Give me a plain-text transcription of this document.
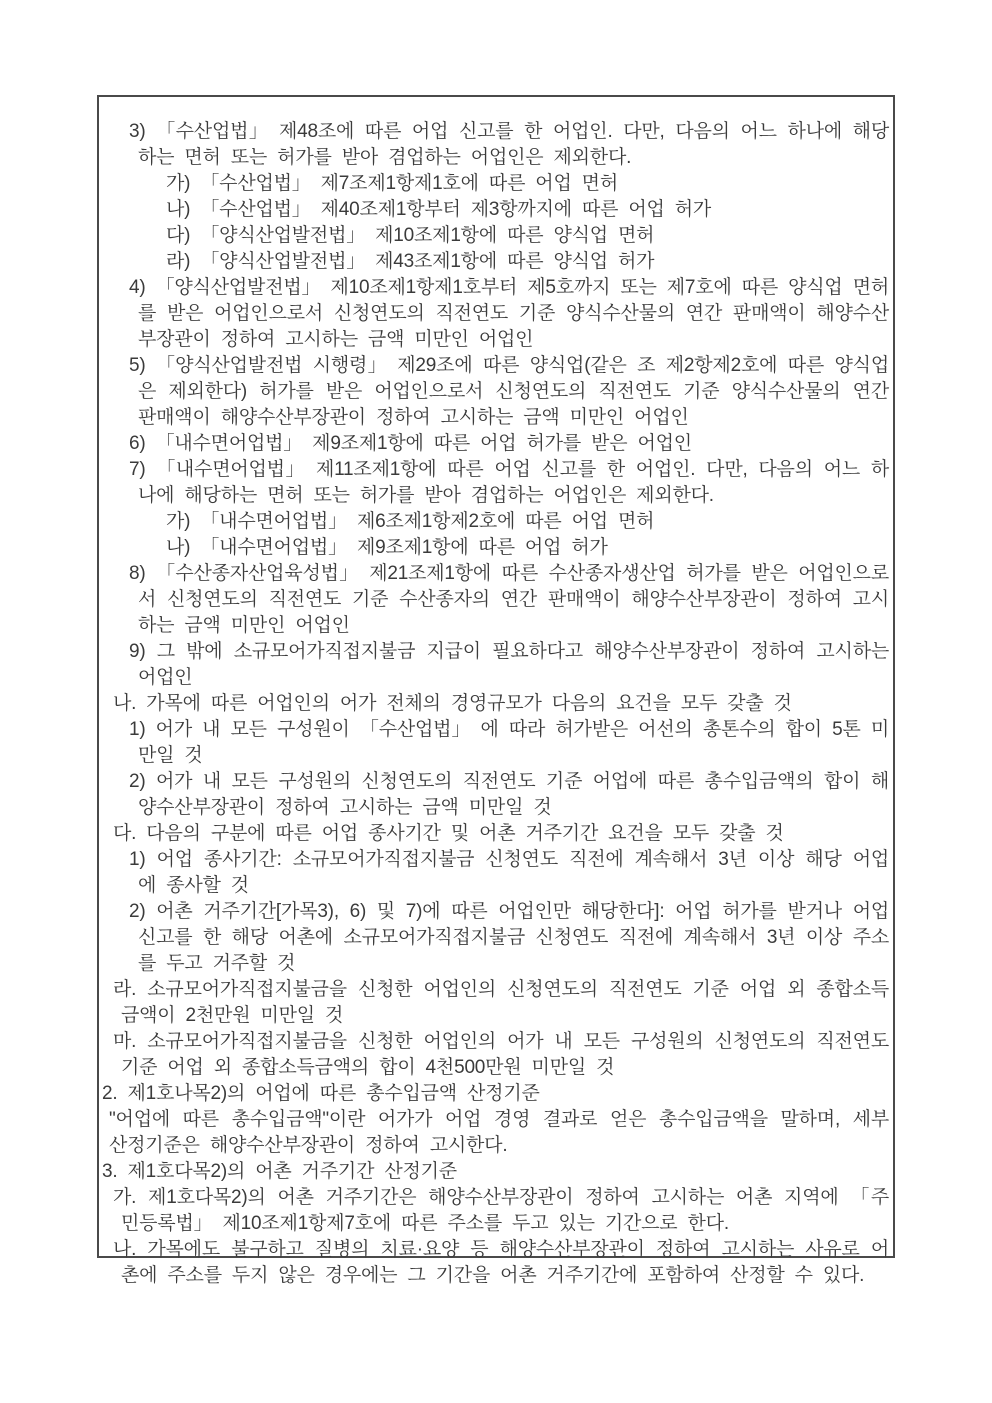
3) 「수산업법」 제48조에 따른 어업 신고를 한 어업인. 다만, 다음의 어느 하나에 해당하는 면허 또는 허가를 받아 겸업하는 어업인은 제외한다.

가) 「수산업법」 제7조제1항제1호에 따른 어업 면허

나) 「수산업법」 제40조제1항부터 제3항까지에 따른 어업 허가

다) 「양식산업발전법」 제10조제1항에 따른 양식업 면허

라) 「양식산업발전법」 제43조제1항에 따른 양식업 허가

4) 「양식산업발전법」 제10조제1항제1호부터 제5호까지 또는 제7호에 따른 양식업 면허를 받은 어업인으로서 신청연도의 직전연도 기준 양식수산물의 연간 판매액이 해양수산부장관이 정하여 고시하는 금액 미만인 어업인

5) 「양식산업발전법 시행령」 제29조에 따른 양식업(같은 조 제2항제2호에 따른 양식업은 제외한다) 허가를 받은 어업인으로서 신청연도의 직전연도 기준 양식수산물의 연간 판매액이 해양수산부장관이 정하여 고시하는 금액 미만인 어업인

6) 「내수면어업법」 제9조제1항에 따른 어업 허가를 받은 어업인

7) 「내수면어업법」 제11조제1항에 따른 어업 신고를 한 어업인. 다만, 다음의 어느 하나에 해당하는 면허 또는 허가를 받아 겸업하는 어업인은 제외한다.

가) 「내수면어업법」 제6조제1항제2호에 따른 어업 면허

나) 「내수면어업법」 제9조제1항에 따른 어업 허가

8) 「수산종자산업육성법」 제21조제1항에 따른 수산종자생산업 허가를 받은 어업인으로서 신청연도의 직전연도 기준 수산종자의 연간 판매액이 해양수산부장관이 정하여 고시하는 금액 미만인 어업인

9) 그 밖에 소규모어가직접지불금 지급이 필요하다고 해양수산부장관이 정하여 고시하는 어업인

나. 가목에 따른 어업인의 어가 전체의 경영규모가 다음의 요건을 모두 갖출 것

1) 어가 내 모든 구성원이 「수산업법」 에 따라 허가받은 어선의 총톤수의 합이 5톤 미만일 것

2) 어가 내 모든 구성원의 신청연도의 직전연도 기준 어업에 따른 총수입금액의 합이 해양수산부장관이 정하여 고시하는 금액 미만일 것

다. 다음의 구분에 따른 어업 종사기간 및 어촌 거주기간 요건을 모두 갖출 것

1) 어업 종사기간: 소규모어가직접지불금 신청연도 직전에 계속해서 3년 이상 해당 어업에 종사할 것

2) 어촌 거주기간[가목3), 6) 및 7)에 따른 어업인만 해당한다]: 어업 허가를 받거나 어업 신고를 한 해당 어촌에 소규모어가직접지불금 신청연도 직전에 계속해서 3년 이상 주소를 두고 거주할 것

라. 소규모어가직접지불금을 신청한 어업인의 신청연도의 직전연도 기준 어업 외 종합소득금액이 2천만원 미만일 것

마. 소규모어가직접지불금을 신청한 어업인의 어가 내 모든 구성원의 신청연도의 직전연도 기준 어업 외 종합소득금액의 합이 4천500만원 미만일 것

2. 제1호나목2)의 어업에 따른 총수입금액 산정기준

"어업에 따른 총수입금액"이란 어가가 어업 경영 결과로 얻은 총수입금액을 말하며, 세부 산정기준은 해양수산부장관이 정하여 고시한다.

3. 제1호다목2)의 어촌 거주기간 산정기준

가. 제1호다목2)의 어촌 거주기간은 해양수산부장관이 정하여 고시하는 어촌 지역에 「주민등록법」 제10조제1항제7호에 따른 주소를 두고 있는 기간으로 한다.

나. 가목에도 불구하고 질병의 치료·요양 등 해양수산부장관이 정하여 고시하는 사유로 어촌에 주소를 두지 않은 경우에는 그 기간을 어촌 거주기간에 포함하여 산정할 수 있다.
